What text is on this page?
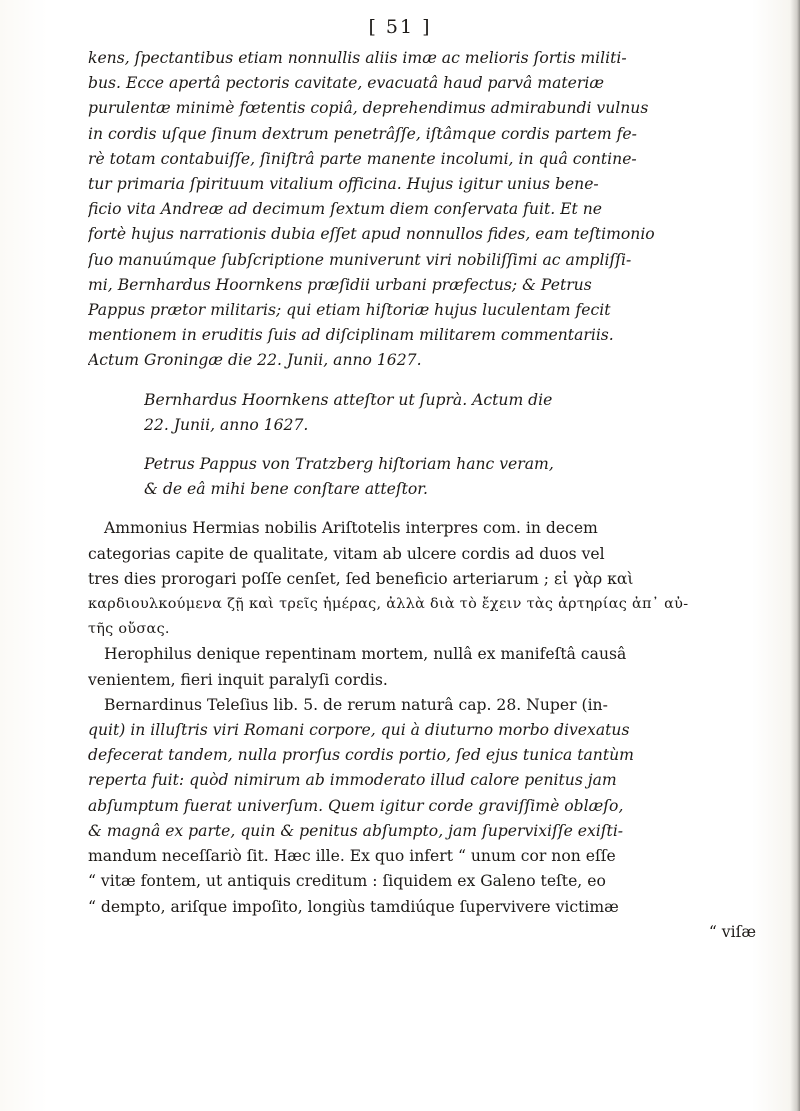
[ 51 ]
kens, ſpectantibus etiam nonnullis aliis imæ ac melioris ſortis militi-
bus. Ecce apertâ pectoris cavitate, evacuatâ haud parvâ materiæ
purulentæ minimè fœtentis copiâ, deprehendimus admirabundi vulnus
in cordis uſque ſinum dextrum penetrâſſe, iſtâmque cordis partem fe-
rè totam contabuiſſe, ſiniſtrâ parte manente incolumi, in quâ contine-
tur primaria ſpirituum vitalium officina. Hujus igitur unius bene-
ficio vita Andreæ ad decimum ſextum diem conſervata fuit. Et ne
fortè hujus narrationis dubia eſſet apud nonnullos fides, eam teſtimonio
ſuo manuúmque ſubſcriptione muniverunt viri nobiliſſimi ac ampliſſi-
mi, Bernhardus Hoornkens præſidii urbani præfectus; & Petrus
Pappus prætor militaris; qui etiam hiſtoriæ hujus luculentam fecit
mentionem in eruditis ſuis ad diſciplinam militarem commentariis.
Actum Groningæ die 22. Junii, anno 1627.
Bernhardus Hoornkens atteſtor ut ſuprà. Actum die
22. Junii, anno 1627.
Petrus Pappus von Tratzberg hiſtoriam hanc veram,
& de eâ mihi bene conſtare atteſtor.
Ammonius Hermias nobilis Ariſtotelis interpres com. in decem
categorias capite de qualitate, vitam ab ulcere cordis ad duos vel
tres dies prorogari poſſe cenſet, ſed beneficio arteriarum ; εἰ γὰρ καὶ
καρδιουλκούμενα ζῇ καὶ τρεῖς ἡμέρας, ἀλλὰ διὰ τὸ ἔχειν τὰς ἀρτηρίας ἀπ᾽ αὐ-
τῆς οὔσας.
Herophilus denique repentinam mortem, nullâ ex manifeſtâ causâ
venientem, fieri inquit paralyſi cordis.
Bernardinus Teleſius lib. 5. de rerum naturâ cap. 28. Nuper (in-
quit) in illuſtris viri Romani corpore, qui à diuturno morbo divexatus
defecerat tandem, nulla prorſus cordis portio, ſed ejus tunica tantùm
reperta fuit: quòd nimirum ab immoderato illud calore penitus jam
abſumptum fuerat univerſum. Quem igitur corde graviſſimè oblæſo,
& magnâ ex parte, quin & penitus abſumpto, jam ſupervixiſſe exiſti-
mandum neceſſariò ſit. Hæc ille. Ex quo infert “ unum cor non eſſe
“ vitæ fontem, ut antiquis creditum : ſiquidem ex Galeno teſte, eo
“ dempto, ariſque impoſito, longiùs tamdiúque ſupervivere victimæ
“ viſæ
